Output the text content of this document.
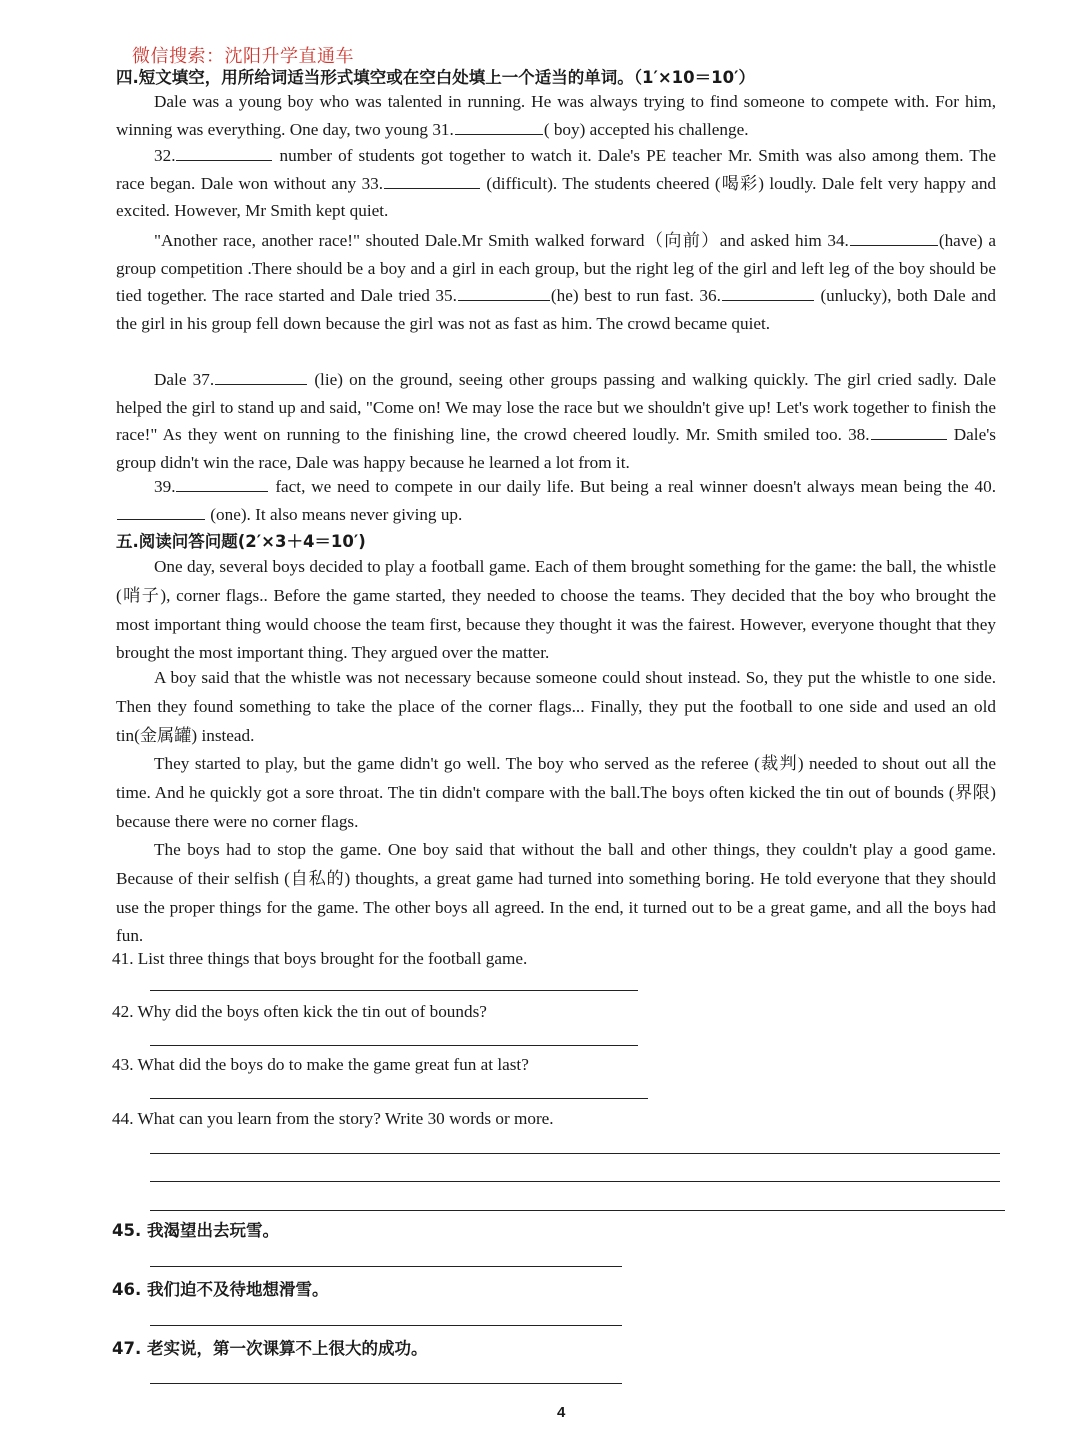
微信搜索：沈阳升学直通车
四.短文填空，用所给词适当形式填空或在空白处填上一个适当的单词。（1′×10＝10′）

Dale was a young boy who was talented in running. He was always trying to find someone to compete with. For him, winning was everything. One day, two young 31.	( boy) accepted his challenge.

32.	number of students got together to watch it. Dale's PE teacher Mr. Smith was also among them. The race began. Dale won without any 33.	(difficult). The students cheered (喝彩) loudly. Dale felt very happy and excited. However, Mr Smith kept quiet.

"Another race, another race!" shouted Dale.Mr Smith walked forward（向前）and asked him 34.	(have) a group competition .There should be a boy and a girl in each group, but the right leg of the girl and left leg of the boy should be tied together. The race started and Dale tried 35.	(he) best to run fast. 36.	(unlucky), both Dale and the girl in his group fell down because the girl was not as fast as him. The crowd became quiet.

Dale 37.	(lie) on the ground, seeing other groups passing and walking quickly. The girl cried sadly. Dale helped the girl to stand up and said, "Come on! We may lose the race but we shouldn't give up! Let's work together to finish the race!" As they went on running to the finishing line, the crowd cheered loudly. Mr. Smith smiled too. 38.	Dale's group didn't win the race, Dale was happy because he learned a lot from it.

39.	fact, we need to compete in our daily life. But being a real winner doesn't always mean being the 40. (one). It also means never giving up.

五.阅读问答问题(2′×3＋4＝10′)

One day, several boys decided to play a football game. Each of them brought something for the game: the ball, the whistle (哨子), corner flags.. Before the game started, they needed to choose the teams. They decided that the boy who brought the most important thing would choose the team first, because they thought it was the fairest. However, everyone thought that they brought the most important thing. They argued over the matter.

A boy said that the whistle was not necessary because someone could shout instead. So, they put the whistle to one side. Then they found something to take the place of the corner flags... Finally, they put the football to one side and used an old tin(金属罐) instead.

They started to play, but the game didn't go well. The boy who served as the referee (裁判) needed to shout out all the time. And he quickly got a sore throat. The tin didn't compare with the ball.The boys often kicked the tin out of bounds (界限) because there were no corner flags.

The boys had to stop the game. One boy said that without the ball and other things, they couldn't play a good game. Because of their selfish (自私的) thoughts, a great game had turned into something boring. He told everyone that they should use the proper things for the game. The other boys all agreed. In the end, it turned out to be a great game, and all the boys had fun.

41. List three things that boys brought for the football game.
42. Why did the boys often kick the tin out of bounds?
43. What did the boys do to make the game great fun at last?
44. What can you learn from the story? Write 30 words or more.
45. 我渴望出去玩雪。
46. 我们迫不及待地想滑雪。
47. 老实说，第一次课算不上很大的成功。
4
